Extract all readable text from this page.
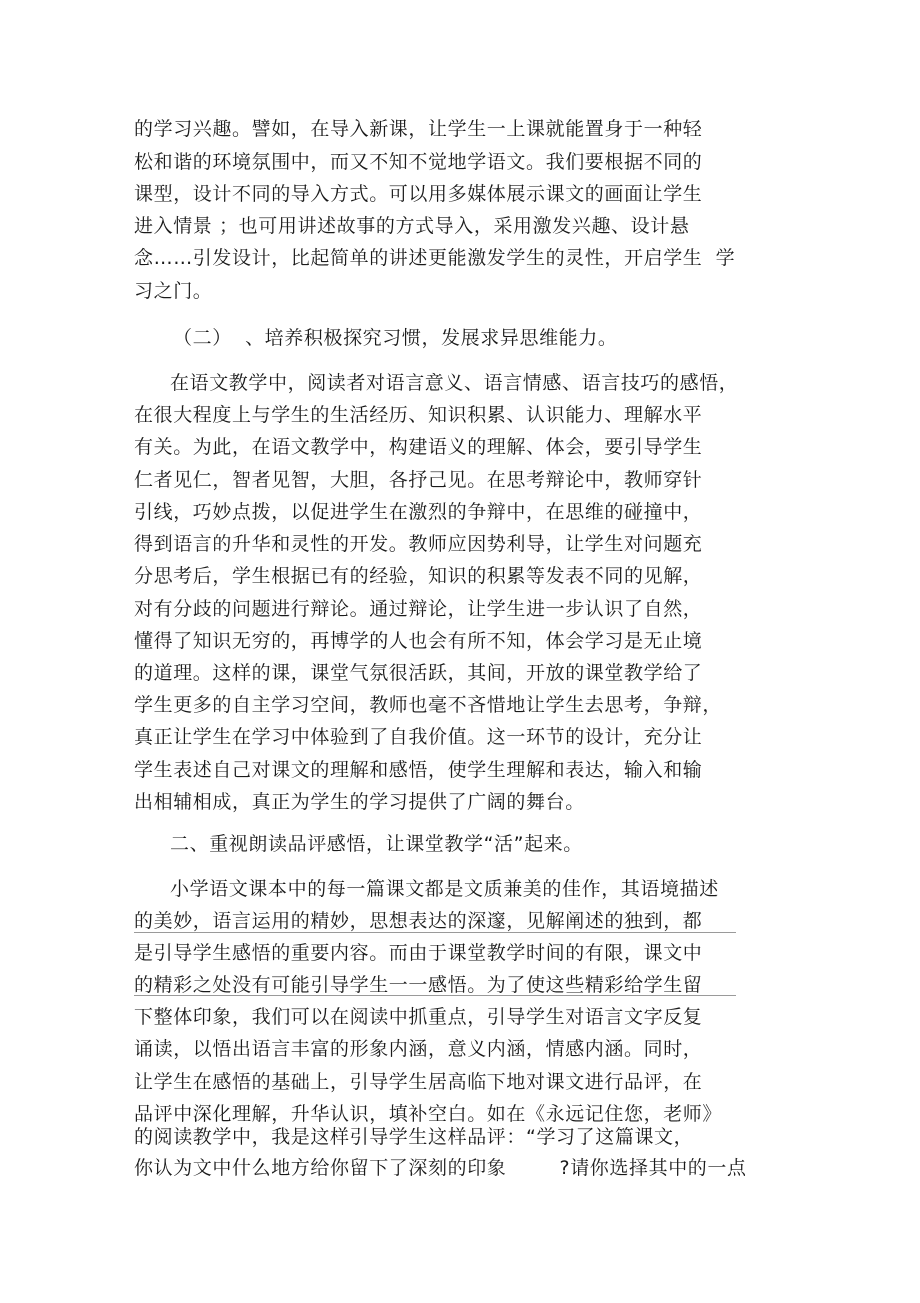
的学习兴趣。譬如，在导入新课，让学生一上课就能置身于一种轻
松和谐的环境氛围中，而又不知不觉地学语文。我们要根据不同的
课型，设计不同的导入方式。可以用多媒体展示课文的画面让学生
进入情景 ；也可用讲述故事的方式导入，采用激发兴趣、设计悬
念……引发设计，比起简单的讲述更能激发学生的灵性，开启学生  学
习之门。
（二）  、培养积极探究习惯，发展求异思维能力。
在语文教学中，阅读者对语言意义、语言情感、语言技巧的感悟，
在很大程度上与学生的生活经历、知识积累、认识能力、理解水平
有关。为此，在语文教学中，构建语义的理解、体会，要引导学生
仁者见仁，智者见智，大胆，各抒己见。在思考辩论中，教师穿针
引线，巧妙点拨，以促进学生在激烈的争辩中，在思维的碰撞中，
得到语言的升华和灵性的开发。教师应因势利导，让学生对问题充
分思考后，学生根据已有的经验，知识的积累等发表不同的见解，
对有分歧的问题进行辩论。通过辩论，让学生进一步认识了自然，
懂得了知识无穷的，再博学的人也会有所不知，体会学习是无止境
的道理。这样的课，课堂气氛很活跃，其间，开放的课堂教学给了
学生更多的自主学习空间，教师也毫不吝惜地让学生去思考，争辩，
真正让学生在学习中体验到了自我价值。这一环节的设计，充分让
学生表述自己对课文的理解和感悟，使学生理解和表达，输入和输
出相辅相成，真正为学生的学习提供了广阔的舞台。
二、重视朗读品评感悟，让课堂教学“活”起来。
小学语文课本中的每一篇课文都是文质兼美的佳作，其语境描述
的美妙，语言运用的精妙，思想表达的深邃，见解阐述的独到，都
是引导学生感悟的重要内容。而由于课堂教学时间的有限，课文中
的精彩之处没有可能引导学生一一感悟。为了使这些精彩给学生留
下整体印象，我们可以在阅读中抓重点，引导学生对语言文字反复
诵读，以悟出语言丰富的形象内涵，意义内涵，情感内涵。同时，
让学生在感悟的基础上，引导学生居高临下地对课文进行品评，在
品评中深化理解，升华认识，填补空白。如在《永远记住您，老师》
的阅读教学中，我是这样引导学生这样品评：“学习了这篇课文，
你认为文中什么地方给你留下了深刻的印象        ?请你选择其中的一点
